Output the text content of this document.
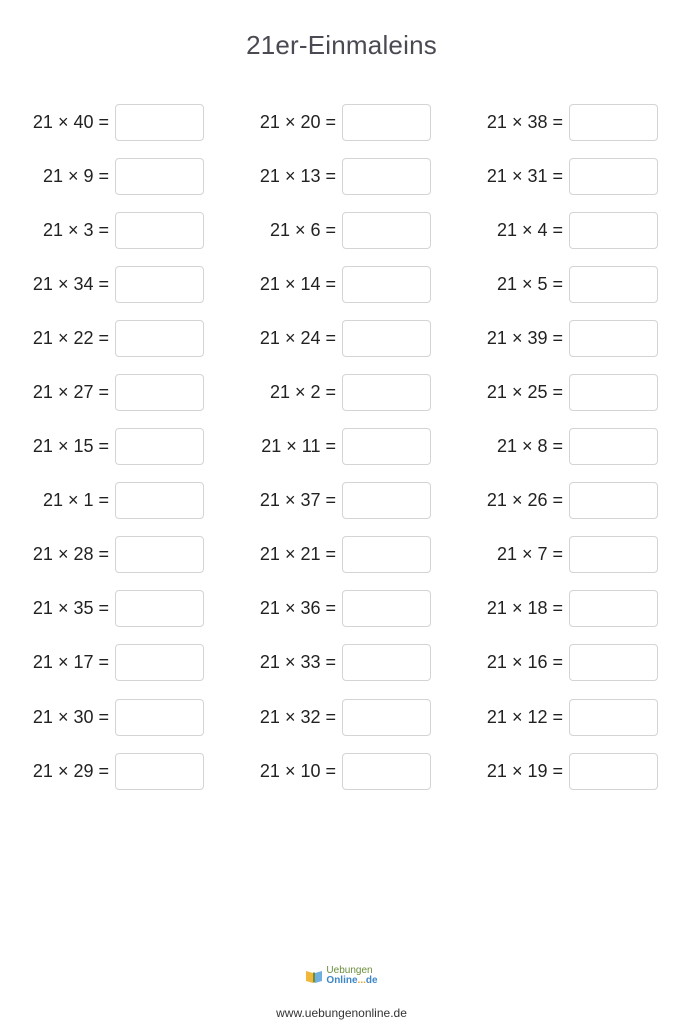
21er-Einmaleins
21 × 40 =	21 × 20 =	21 × 38 =
21 × 9 =	21 × 13 =	21 × 31 =
21 × 3 =	21 × 6 =	21 × 4 =
21 × 34 =	21 × 14 =	21 × 5 =
21 × 22 =	21 × 24 =	21 × 39 =
21 × 27 =	21 × 2 =	21 × 25 =
21 × 15 =	21 × 11 =	21 × 8 =
21 × 1 =	21 × 37 =	21 × 26 =
21 × 28 =	21 × 21 =	21 × 7 =
21 × 35 =	21 × 36 =	21 × 18 =
21 × 17 =	21 × 33 =	21 × 16 =
21 × 30 =	21 × 32 =	21 × 12 =
21 × 29 =	21 × 10 =	21 × 19 =
Uebungen
Online...de
www.uebungenonline.de
